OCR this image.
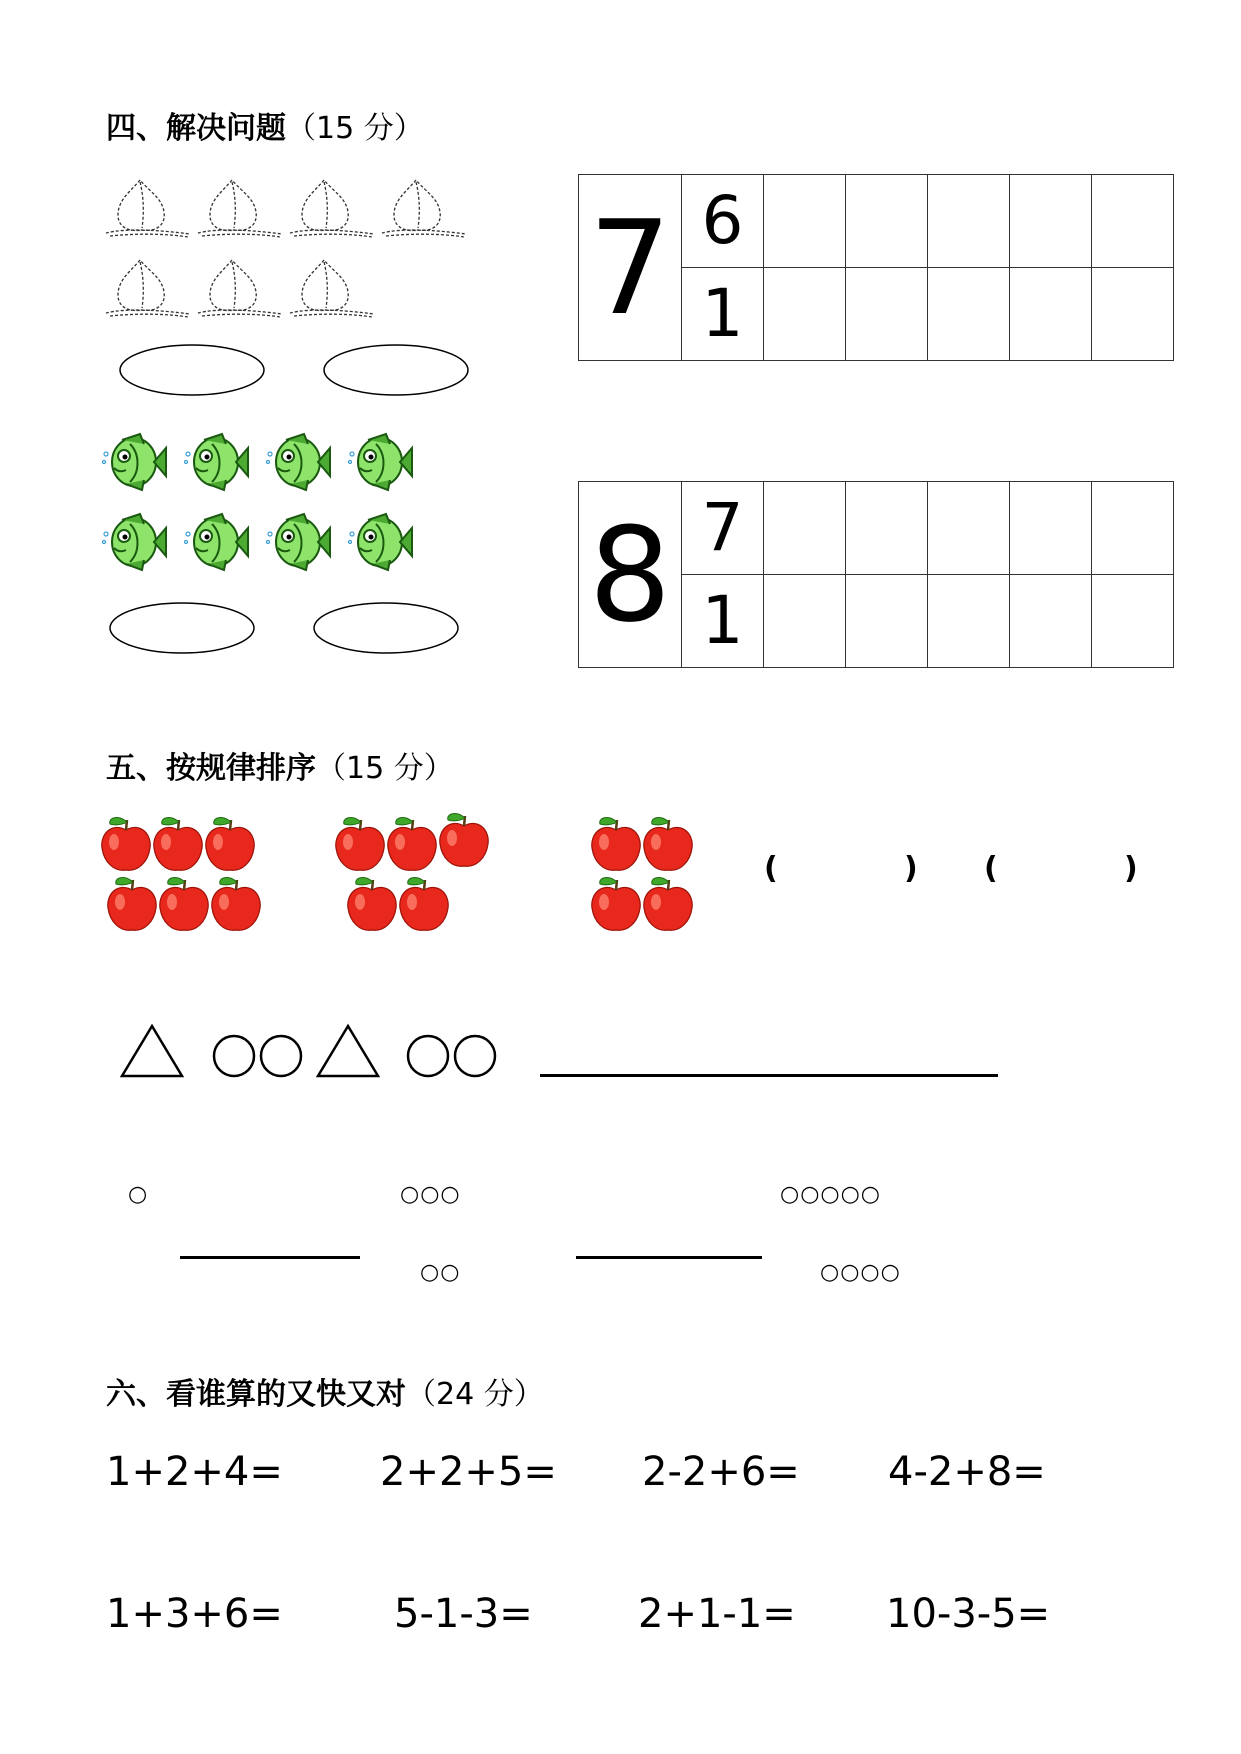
四、解决问题（15 分）
7	6					
	1					
8	7					
	1					
五、按规律排序（15 分）
(	) (	)
○	○○○	○○○○○
○○	○○○○
六、看谁算的又快又对（24 分）
1+2+4= 2+2+5= 2-2+6= 4-2+8=
1+3+6=	5-1-3=	2+1-1= 10-3-5=
